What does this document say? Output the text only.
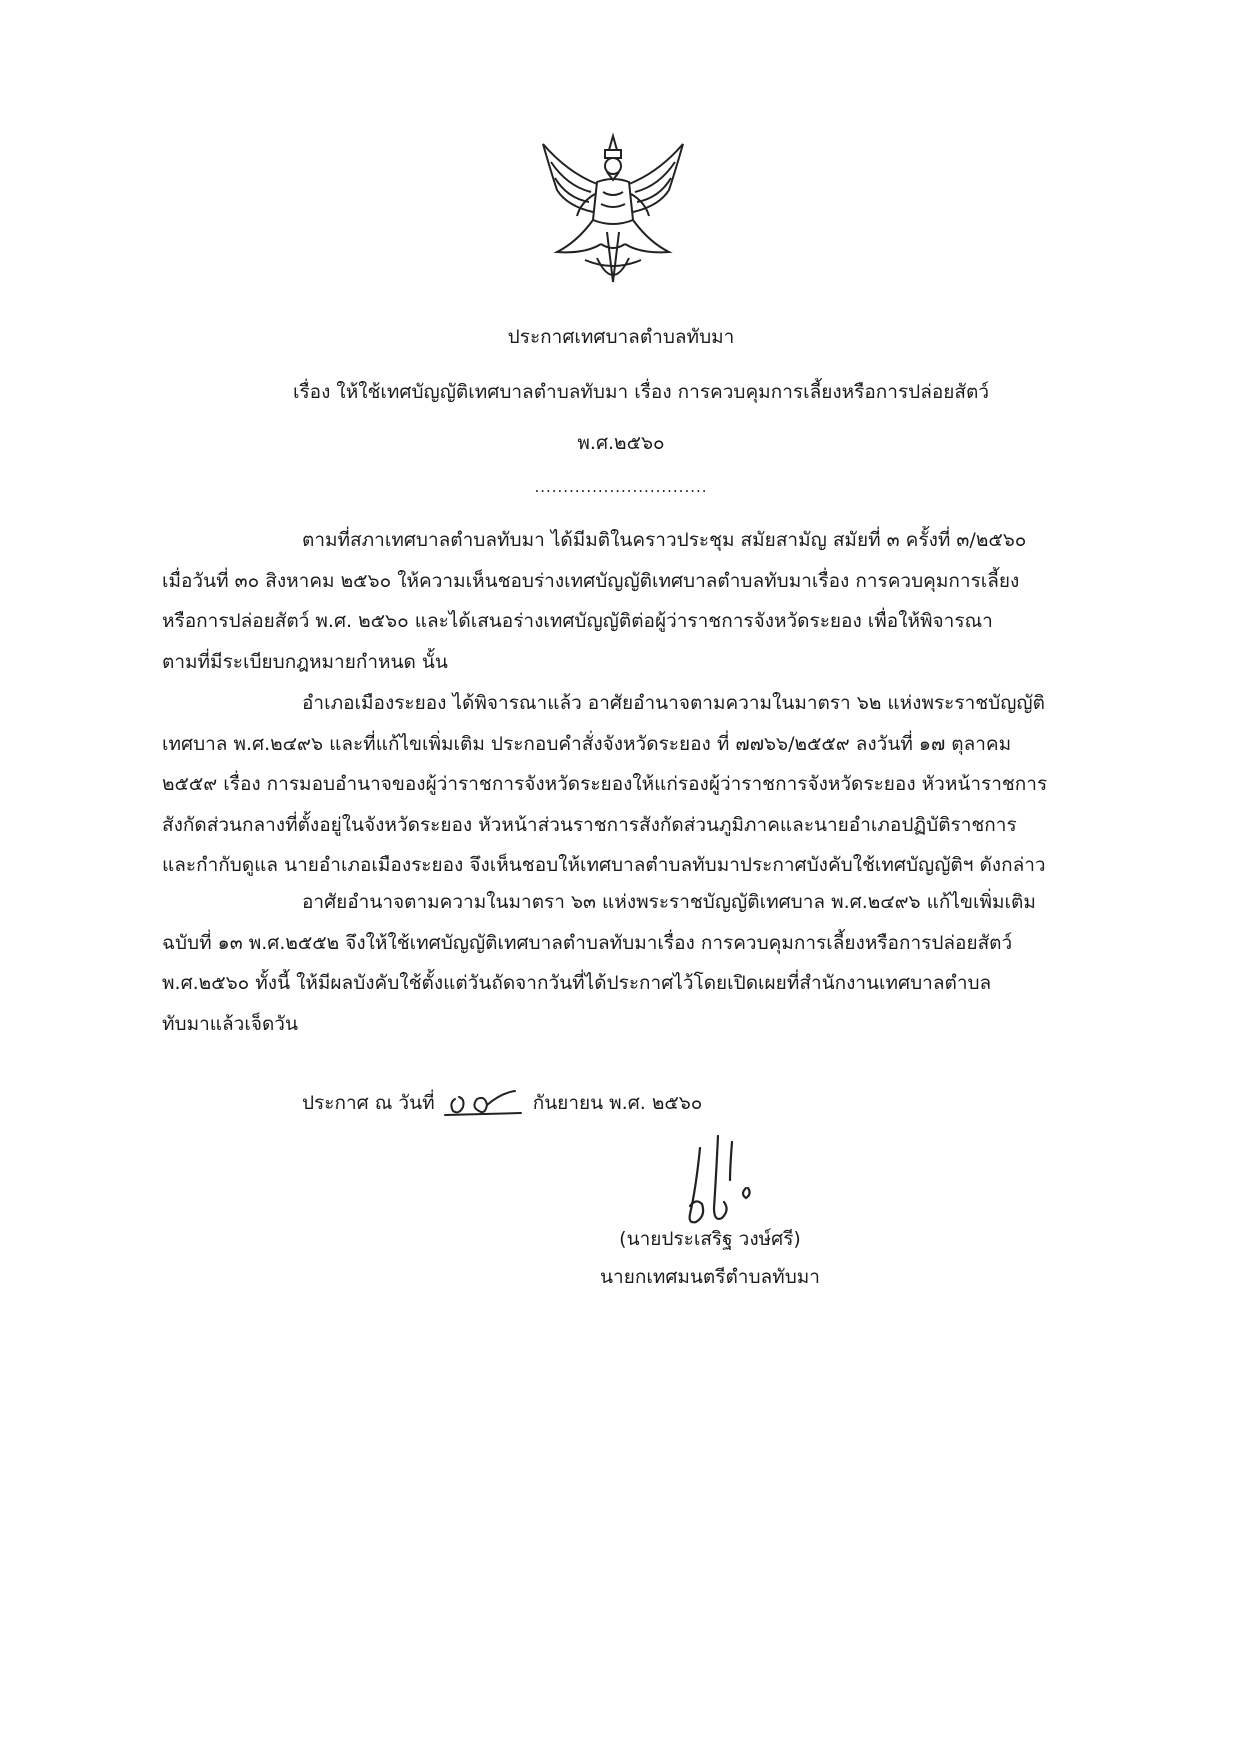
ประกาศเทศบาลตำบลทับมา
เรื่อง ให้ใช้เทศบัญญัติเทศบาลตำบลทับมา เรื่อง การควบคุมการเลี้ยงหรือการปล่อยสัตว์
พ.ศ.๒๕๖๐
..............................
ตามที่สภาเทศบาลตำบลทับมา ได้มีมติในคราวประชุม สมัยสามัญ สมัยที่ ๓ ครั้งที่ ๓/๒๕๖๐
เมื่อวันที่ ๓๐ สิงหาคม ๒๕๖๐ ให้ความเห็นชอบร่างเทศบัญญัติเทศบาลตำบลทับมาเรื่อง การควบคุมการเลี้ยง
หรือการปล่อยสัตว์ พ.ศ. ๒๕๖๐ และได้เสนอร่างเทศบัญญัติต่อผู้ว่าราชการจังหวัดระยอง เพื่อให้พิจารณา
ตามที่มีระเบียบกฎหมายกำหนด นั้น
อำเภอเมืองระยอง ได้พิจารณาแล้ว อาศัยอำนาจตามความในมาตรา ๖๒ แห่งพระราชบัญญัติ
เทศบาล พ.ศ.๒๔๙๖ และที่แก้ไขเพิ่มเติม ประกอบคำสั่งจังหวัดระยอง ที่ ๗๗๖๖/๒๕๕๙ ลงวันที่ ๑๗ ตุลาคม
๒๕๕๙ เรื่อง การมอบอำนาจของผู้ว่าราชการจังหวัดระยองให้แก่รองผู้ว่าราชการจังหวัดระยอง หัวหน้าราชการ
สังกัดส่วนกลางที่ตั้งอยู่ในจังหวัดระยอง หัวหน้าส่วนราชการสังกัดส่วนภูมิภาคและนายอำเภอปฏิบัติราชการ
และกำกับดูแล นายอำเภอเมืองระยอง จึงเห็นชอบให้เทศบาลตำบลทับมาประกาศบังคับใช้เทศบัญญัติฯ ดังกล่าว
อาศัยอำนาจตามความในมาตรา ๖๓ แห่งพระราชบัญญัติเทศบาล พ.ศ.๒๔๙๖ แก้ไขเพิ่มเติม
ฉบับที่ ๑๓ พ.ศ.๒๕๕๒ จึงให้ใช้เทศบัญญัติเทศบาลตำบลทับมาเรื่อง การควบคุมการเลี้ยงหรือการปล่อยสัตว์
พ.ศ.๒๕๖๐ ทั้งนี้ ให้มีผลบังคับใช้ตั้งแต่วันถัดจากวันที่ได้ประกาศไว้โดยเปิดเผยที่สำนักงานเทศบาลตำบล
ทับมาแล้วเจ็ดวัน
ประกาศ ณ วันที่	กันยายน พ.ศ. ๒๕๖๐
(นายประเสริฐ วงษ์ศรี)
นายกเทศมนตรีตำบลทับมา
